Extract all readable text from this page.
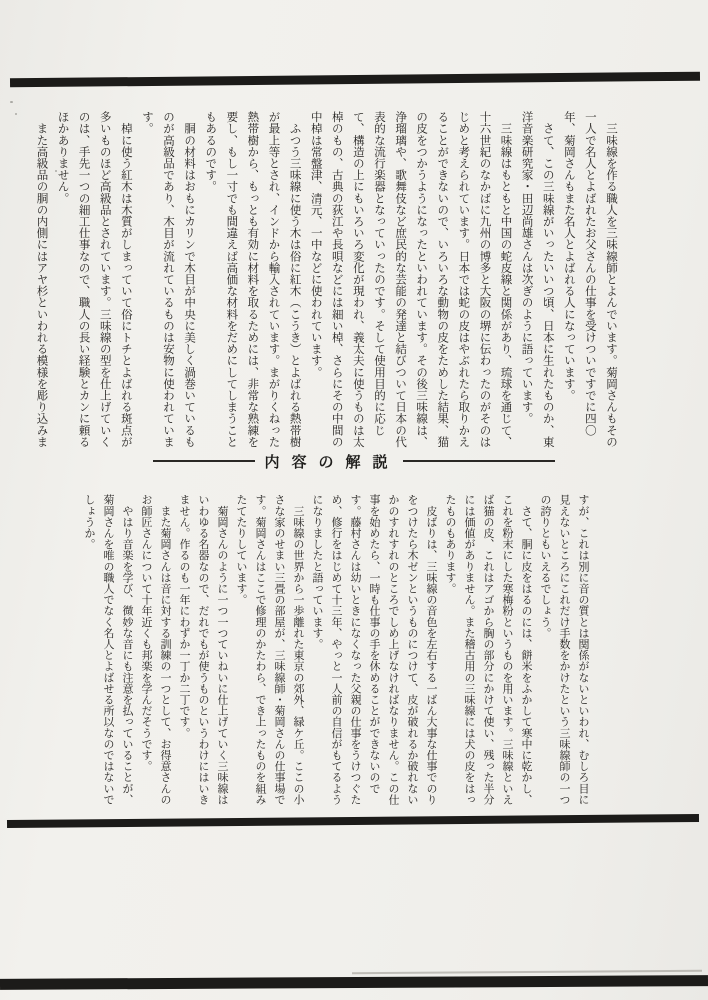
　三味線を作る職人を三味線師とよんでいます。菊岡さんもその
一人で名人とよばれたお父さんの仕事を受けついですでに四〇
年、菊岡さんもまた名人とよばれる人になっています。
　さて、この三味線がいったいいつ頃、日本に生れたものか、東
洋音楽研究家・田辺尚雄さんは次ぎのように語っています。
　三味線はもともと中国の蛇皮線と関係があり、琉球を通じて、
十六世紀のなかばに九州の博多と大阪の堺に伝わったのがそのは
じめと考えられています。日本では蛇の皮はやぶれたら取りかえ
ることができないので、いろいろな動物の皮をためした結果、猫
の皮をつかうようになったといわれています。その後三味線は、
浄瑠璃や、歌舞伎など庶民的な芸能の発達と結びついて日本の代
表的な流行楽器となっていったのです。そして使用目的に応じ
て、構造の上にもいろいろ変化が現われ、義太夫に使うものは太
棹のもの、古典の荻江や長唄などには細い棹、さらにその中間の
中棹は常盤津、清元、一中などに使われています。
　ふつう三味線に使う木は俗に紅木（こうき）とよばれる熱帯樹
が最上等とされ、インドから輸入されています。まがりくねった
熱帯樹から、もっとも有効に材料を取るためには、非常な熟練を
要し、もし一寸でも間違えば高価な材料をだめにしてしまうこと
もあるのです。
　胴の材料はおもにカリンで木目が中央に美しく渦巻いているも
のが高級品であり、木目が流れているものは安物に使われていま
す。
　棹に使う紅木は木質がしまっていて俗にトチとよばれる斑点が
多いものほど高級品とされています。三味線の型を仕上げていく
のは、手先一つの細工仕事なので、職人の長い経験とカンに頼る
ほかありません。
　また高級品の胴の内側にはアヤ杉といわれる模様を彫り込みま
内容の解説
すが、これは別に音の質とは関係がないといわれ、むしろ目に
見えないところにこれだけ手数をかけたという三味線師の一つ
の誇りともいえるでしょう。
　さて、胴に皮をはるのには、餅米をふかして寒中に乾かし、
これを粉末にした寒梅粉というものを用います。三味線といえ
ば猫の皮、これはアゴから胸の部分にかけて使い、残った半分
には価値がありません。また稽古用の三味線には犬の皮をはっ
たものもあります。
　皮ばりは、三味線の音色を左右する一ばん大事な仕事でのり
をつけたら木ゼンというものにつけて、皮が破れるか破れない
かのすれすれのところでしめ上げなければなりません。この仕
事を始めたら、一時も仕事の手を休めることができないので
す。藤村さんは幼いときになくなった父親の仕事をうけつぐた
め、修行をはじめて十三年、やっと一人前の自信がもてるよう
になりましたと語っています。
　三味線の世界から一歩離れた東京の郊外、緑ケ丘。ここの小
さな家のせまい三畳の部屋が、三味線師・菊岡さんの仕事場で
す。菊岡さんはここで修理のかたわら、でき上ったものを組み
たてたりしています。
　菊岡さんのように一つ一つていねいに仕上げていく三味線は
いわゆる名器なので、だれでもが使うものというわけにはいき
ません。作るのも一年にわずか一丁か二丁です。
　また菊岡さんは音に対する訓練の一つとして、お得意さんの
お師匠さんについて十年近くも邦楽を学んだそうです。
　やはり音楽を学び、微妙な音にも注意を払っていることが、
菊岡さんを唯の職人でなく名人とよばせる所以なのではないで
しょうか。
